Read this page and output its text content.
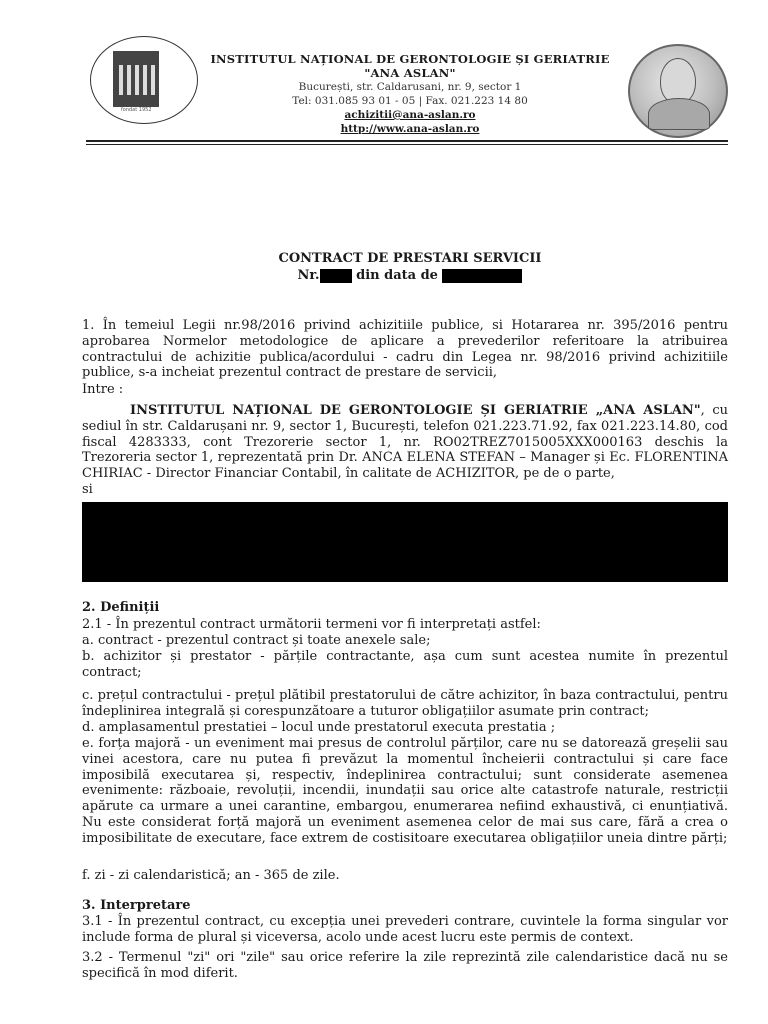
fondat 1952
INSTITUTUL NAȚIONAL DE GERONTOLOGIE ȘI GERIATRIE "ANA ASLAN"
București, str. Caldarusani, nr. 9, sector 1
Tel: 031.085 93 01 - 05 | Fax. 021.223 14 80
achizitii@ana-aslan.ro
http://www.ana-aslan.ro
CONTRACT DE PRESTARI SERVICII
Nr.	din data de

1. În temeiul Legii nr.98/2016 privind achizitiile publice, si Hotararea nr. 395/2016 pentru aprobarea Normelor metodologice de aplicare a prevederilor referitoare la atribuirea contractului de achizitie publica/acordului - cadru din Legea nr. 98/2016 privind achizitiile publice, s-a incheiat prezentul contract de prestare de servicii,

Intre :

INSTITUTUL NAȚIONAL DE GERONTOLOGIE ȘI GERIATRIE „ANA ASLAN", cu sediul în str. Caldarușani nr. 9, sector 1, București, telefon 021.223.71.92, fax 021.223.14.80, cod fiscal 4283333, cont Trezorerie sector 1, nr. RO02TREZ7015005XXX000163 deschis la Trezoreria sector 1, reprezentată prin Dr. ANCA ELENA STEFAN – Manager și Ec. FLORENTINA CHIRIAC - Director Financiar Contabil, în calitate de ACHIZITOR, pe de o parte,

si

2. Definiții

2.1 - În prezentul contract următorii termeni vor fi interpretați astfel:

a. contract - prezentul contract și toate anexele sale;

b. achizitor și prestator - părțile contractante, așa cum sunt acestea numite în prezentul contract;

c. prețul contractului - prețul plătibil prestatorului de către achizitor, în baza contractului, pentru îndeplinirea integrală și corespunzătoare a tuturor obligațiilor asumate prin contract;

d. amplasamentul prestatiei – locul unde prestatorul executa prestatia ;

e. forța majoră - un eveniment mai presus de controlul părților, care nu se datorează greșelii sau vinei acestora, care nu putea fi prevăzut la momentul încheierii contractului și care face imposibilă executarea și, respectiv, îndeplinirea contractului; sunt considerate asemenea evenimente: războaie, revoluții, incendii, inundații sau orice alte catastrofe naturale, restricții apărute ca urmare a unei carantine, embargou, enumerarea nefiind exhaustivă, ci enunțiativă. Nu este considerat forță majoră un eveniment asemenea celor de mai sus care, fără a crea o imposibilitate de executare, face extrem de costisitoare executarea obligațiilor uneia dintre părți;

f. zi - zi calendaristică; an - 365 de zile.

3. Interpretare

3.1 - În prezentul contract, cu excepția unei prevederi contrare, cuvintele la forma singular vor include forma de plural și viceversa, acolo unde acest lucru este permis de context.

3.2 - Termenul "zi" ori "zile" sau orice referire la zile reprezintă zile calendaristice dacă nu se specifică în mod diferit.
